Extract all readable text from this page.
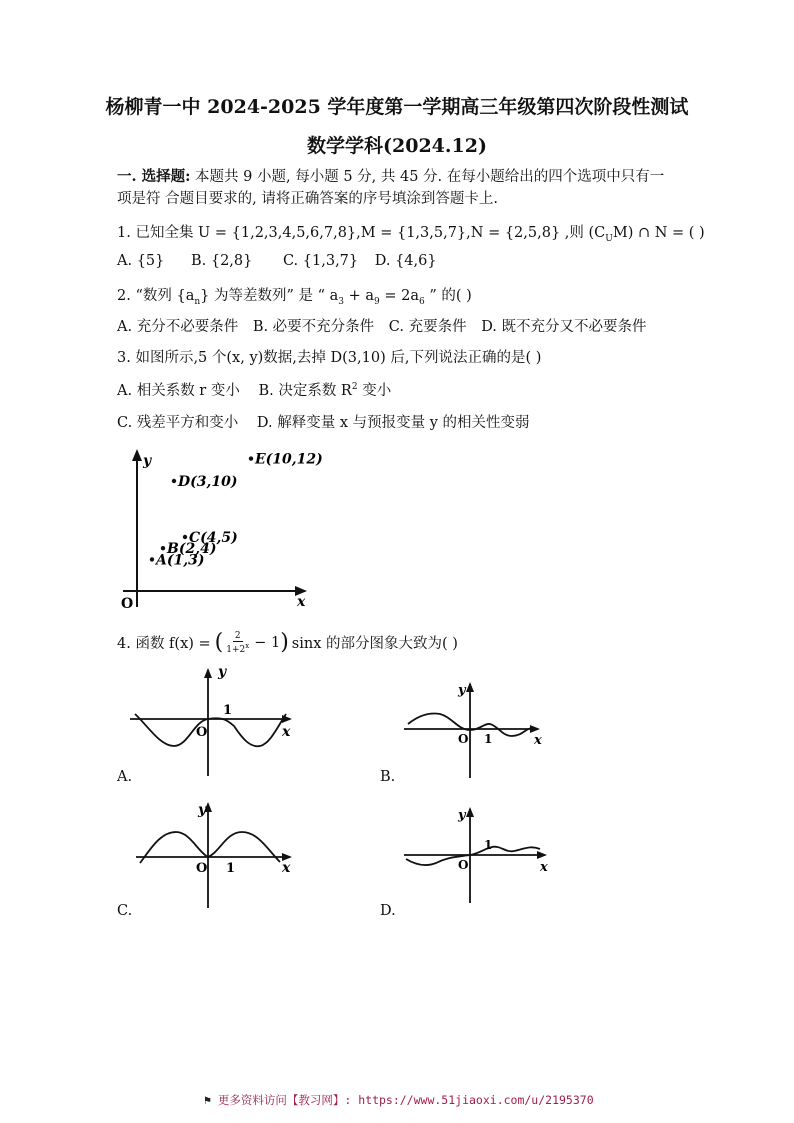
杨柳青一中 2024-2025 学年度第一学期高三年级第四次阶段性测试
数学学科(2024.12)
一. 选择题: 本题共 9 小题, 每小题 5 分, 共 45 分. 在每小题给出的四个选项中只有一项是符 合题目要求的, 请将正确答案的序号填涂到答题卡上.
1. 已知全集 U = {1,2,3,4,5,6,7,8},M = {1,3,5,7},N = {2,5,8} ,则 $(C_UM)$ ∩ N = ( )
A. {5} B. {2,8} C. {1,3,7} D. {4,6}
2. “数列 $\{a_n\}$ 为等差数列” 是 “ $a_3 + a_9 = 2a_6$ ” 的( )
A. 充分不必要条件 B. 必要不充分条件 C. 充要条件 D. 既不充分又不必要条件
3. 如图所示,5 个(x, y)数据,去掉 D(3,10) 后,下列说法正确的是( )
A. 相关系数 r 变小 B. 决定系数 $R^2$ 变小
C. 残差平方和变小 D. 解释变量 x 与预报变量 y 的相关性变弱
y
x
O
A(1,3)
B(2,4)
C(4,5)
D(3,10)
E(10,12)
4. 函数 f(x) = ( 2
$1+2^x - 1$ ) sinx 的部分图象大致为( )
y
x
O
1
A.
y
x
O 1
B.
y
x
O 1
C.
y
x
O
1
D.
⚑ 更多资料访问【教习网】: https://www.51jiaoxi.com/u/2195370
